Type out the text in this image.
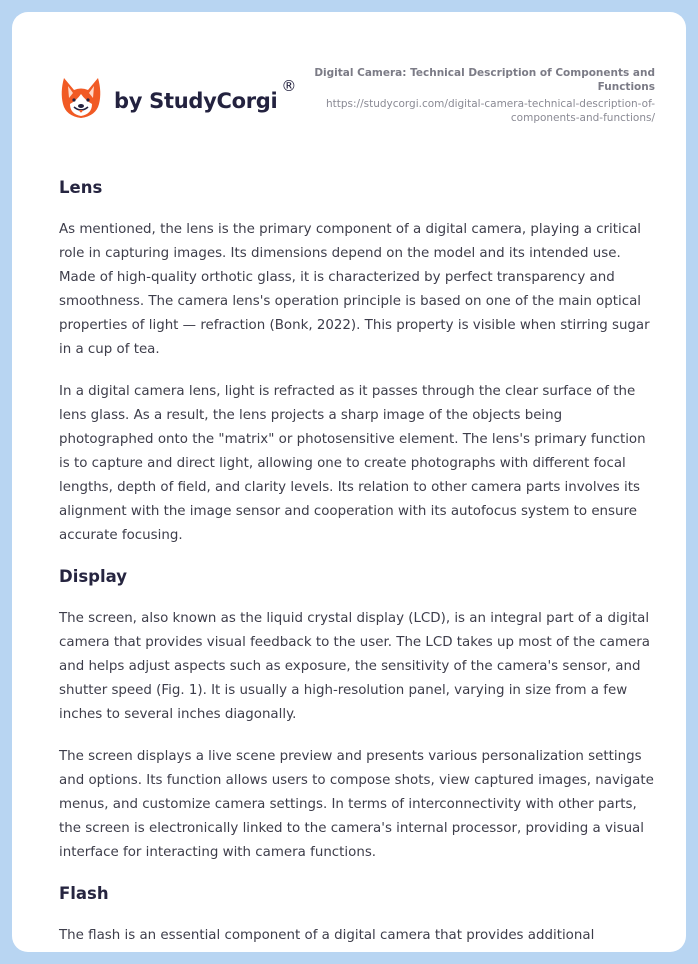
by StudyCorgi
®
Digital Camera: Technical Description of Components and Functions
https://studycorgi.com/digital-camera-technical-description-of-components-and-functions/
Lens

As mentioned, the lens is the primary component of a digital camera, playing a critical role in capturing images. Its dimensions depend on the model and its intended use. Made of high-quality orthotic glass, it is characterized by perfect transparency and smoothness. The camera lens's operation principle is based on one of the main optical properties of light — refraction (Bonk, 2022). This property is visible when stirring sugar in a cup of tea.

In a digital camera lens, light is refracted as it passes through the clear surface of the lens glass. As a result, the lens projects a sharp image of the objects being photographed onto the "matrix" or photosensitive element. The lens's primary function is to capture and direct light, allowing one to create photographs with different focal lengths, depth of field, and clarity levels. Its relation to other camera parts involves its alignment with the image sensor and cooperation with its autofocus system to ensure accurate focusing.

Display

The screen, also known as the liquid crystal display (LCD), is an integral part of a digital camera that provides visual feedback to the user. The LCD takes up most of the camera and helps adjust aspects such as exposure, the sensitivity of the camera's sensor, and shutter speed (Fig. 1). It is usually a high-resolution panel, varying in size from a few inches to several inches diagonally.

The screen displays a live scene preview and presents various personalization settings and options. Its function allows users to compose shots, view captured images, navigate menus, and customize camera settings. In terms of interconnectivity with other parts, the screen is electronically linked to the camera's internal processor, providing a visual interface for interacting with camera functions.

Flash

The flash is an essential component of a digital camera that provides additional
